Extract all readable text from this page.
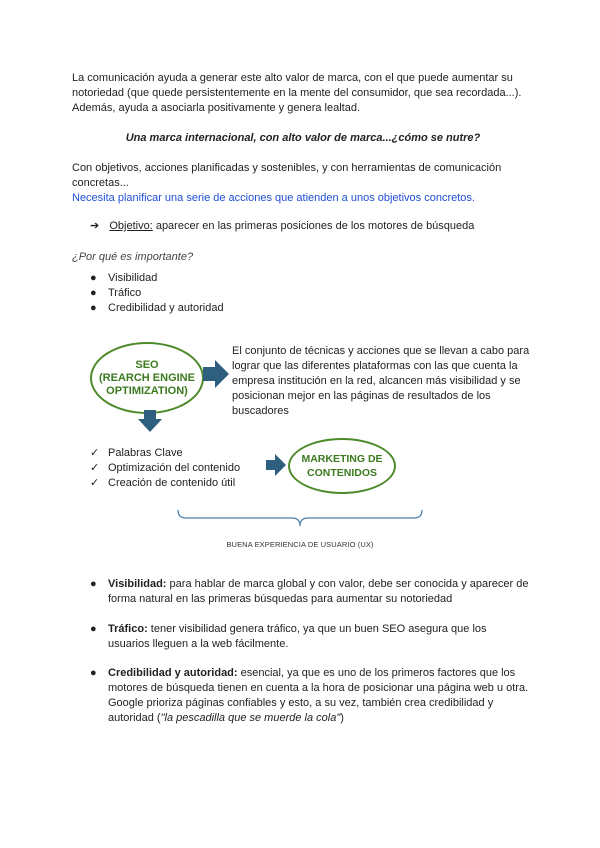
La comunicación ayuda a generar este alto valor de marca, con el que puede aumentar su notoriedad (que quede persistentemente en la mente del consumidor, que sea recordada...). Además, ayuda a asociarla positivamente y genera lealtad.
Una marca internacional, con alto valor de marca...¿cómo se nutre?
Con objetivos, acciones planificadas y sostenibles, y con herramientas de comunicación concretas...
Necesita planificar una serie de acciones que atienden a unos objetivos concretos.
➔ Objetivo: aparecer en las primeras posiciones de los motores de búsqueda
¿Por qué es importante?
● Visibilidad
● Tráfico
● Credibilidad y autoridad
SEO
(REARCH ENGINE
OPTIMIZATION)
El conjunto de técnicas y acciones que se llevan a cabo para lograr que las diferentes plataformas con las que cuenta la empresa institución en la red, alcancen más visibilidad y se posicionan mejor en las páginas de resultados de los buscadores
✓ Palabras Clave
✓ Optimización del contenido
✓ Creación de contenido útil
MARKETING DE
CONTENIDOS
BUENA EXPERIENCIA DE USUARIO (UX)
● Visibilidad: para hablar de marca global y con valor, debe ser conocida y aparecer de forma natural en las primeras búsquedas para aumentar su notoriedad
● Tráfico: tener visibilidad genera tráfico, ya que un buen SEO asegura que los usuarios lleguen a la web fácilmente.
● Credibilidad y autoridad: esencial, ya que es uno de los primeros factores que los motores de búsqueda tienen en cuenta a la hora de posicionar una página web u otra. Google prioriza páginas confiables y esto, a su vez, también crea credibilidad y autoridad ("la pescadilla que se muerde la cola")
